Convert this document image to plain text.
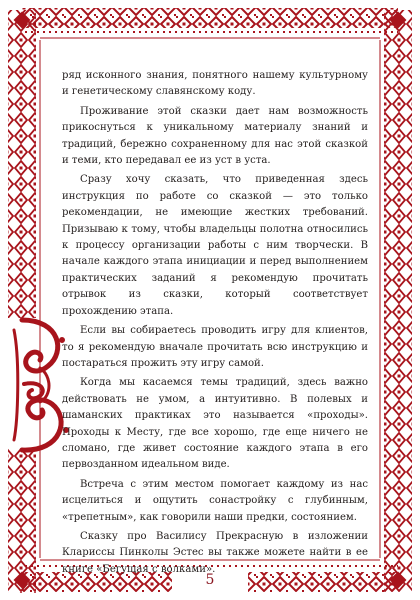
ряд исконного знания, понятного нашему культурному и генетическому славянскому коду.

Проживание этой сказки дает нам возможность прикоснуться к уникальному материалу знаний и традиций, бережно сохраненному для нас этой сказкой и теми, кто передавал ее из уст в уста.

Сразу хочу сказать, что приведенная здесь инструкция по работе со сказкой — это только рекомендации, не имеющие жестких требований. Призываю к тому, чтобы владельцы полотна относились к процессу организации работы с ним творчески. В начале каждого этапа инициации и перед выполнением практических заданий я рекомендую прочитать отрывок из сказки, который соответствует прохождению этапа.

Если вы собираетесь проводить игру для клиентов, то я рекомендую вначале прочитать всю инструкцию и постараться прожить эту игру самой.

Когда мы касаемся темы традиций, здесь важно действовать не умом, а интуитивно. В полевых и шаманских практиках это называется «проходы». Проходы к Месту, где все хорошо, где еще ничего не сломано, где живет состояние каждого этапа в его первозданном идеальном виде.

Встреча с этим местом помогает каждому из нас исцелиться и ощутить сонастройку с глубинным, «трепетным», как говорили наши предки, состоянием.

Сказку про Василису Прекрасную в изложении Клариссы Пинколы Эстес вы также можете найти в ее книге «Бегущая с волками».

5
